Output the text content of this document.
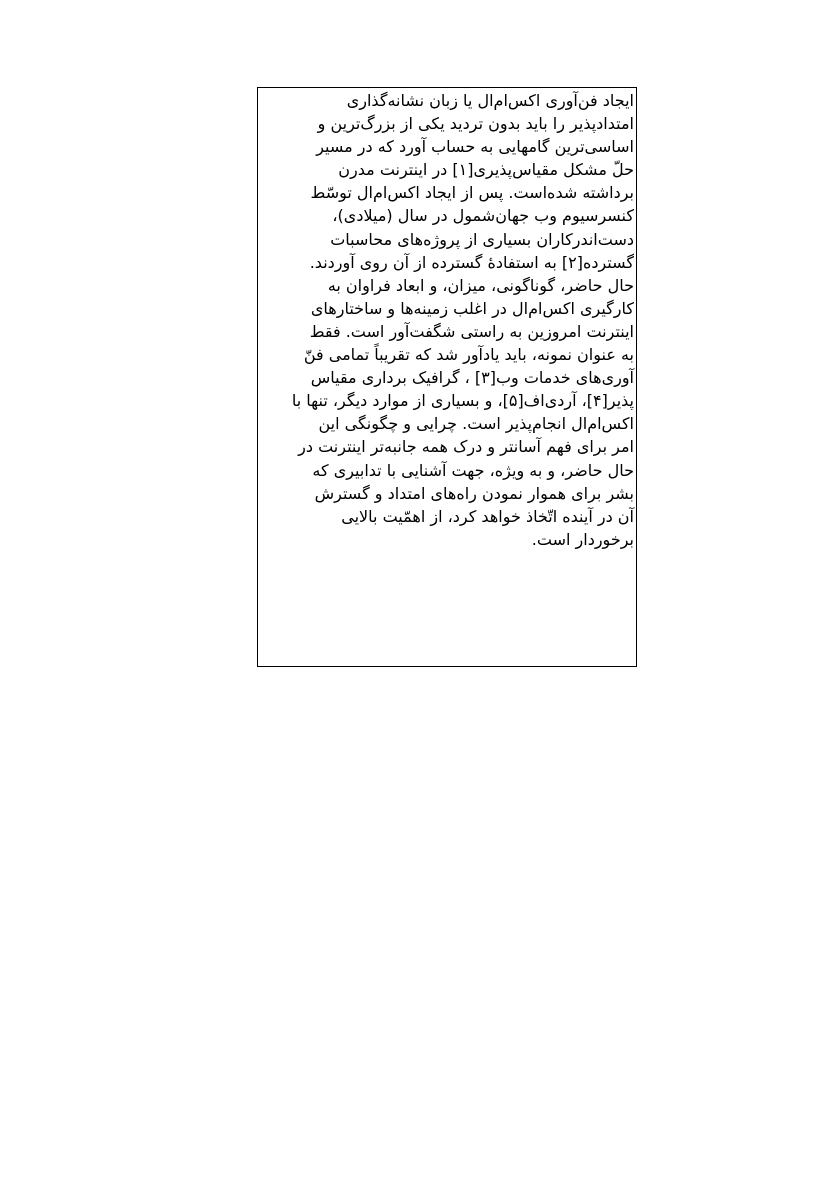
ایجاد فن‌آوری اکس‌ام‌ال یا زبان نشانه‌گذاری
امتدادپذیر را باید بدون تردید یکی از بزرگ‌ترین و
اساسی‌ترین گامهایی به حساب آورد که در مسیر
حلّ مشکل مقیاس‌پذیری[۱] در اینترنت مدرن
برداشته شده‌است. پس از ایجاد اکس‌ام‌ال توسّط
کنسرسیوم وب جهان‌شمول در سال (میلادی)،
دست‌اندرکاران بسیاری از پروژه‌های محاسبات
گسترده[۲] به استفادهٔ گسترده از آن روی آوردند.
حال حاضر، گوناگونی، میزان، و ابعاد فراوان به
کارگیری اکس‌ام‌ال در اغلب زمینه‌ها و ساختارهای
اینترنت امروزین به راستی شگفت‌آور است. فقط
به عنوان نمونه، باید یادآور شد که تقریباً تمامی فنّ
آوری‌های خدمات وب[۳] ، گرافیک برداری مقیاس
پذیر[۴]، آردی‌اف[۵]، و بسیاری از موارد دیگر، تنها با
اکس‌ام‌ال انجام‌پذیر است. چرایی و چگونگی این
امر برای فهم آسانتر و درک همه جانبه‌تر اینترنت در
حال حاضر، و به ویژه، جهت آشنایی با تدابیری که
بشر برای هموار نمودن راه‌های امتداد و گسترش
آن در آینده اتّخاذ خواهد کرد، از اهمّیت بالایی
برخوردار است.
